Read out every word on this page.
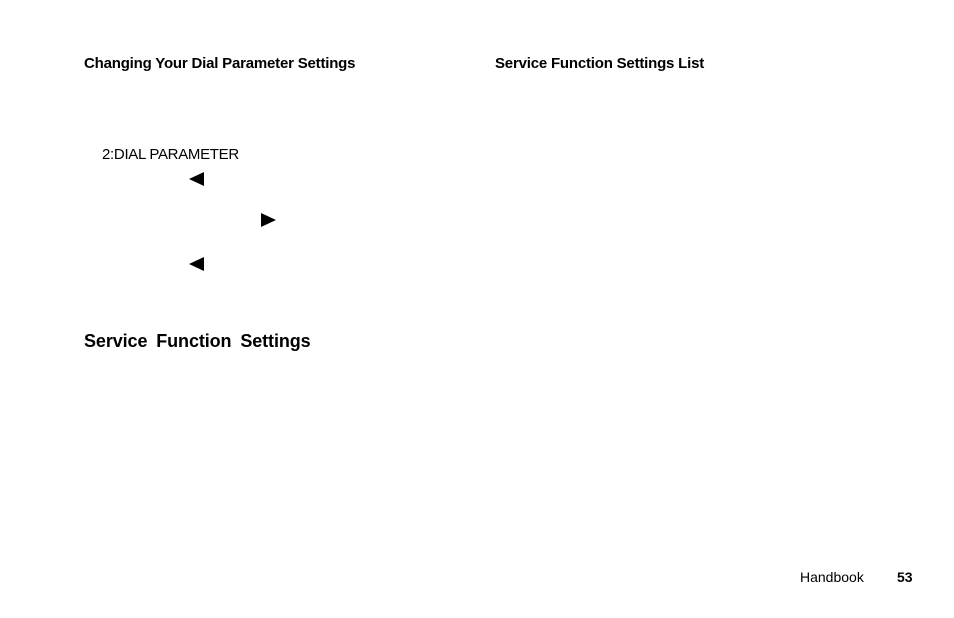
Changing Your Dial Parameter Settings	Service Function Settings List
2:DIAL PARAMETER
Service Function Settings
Handbook 53
